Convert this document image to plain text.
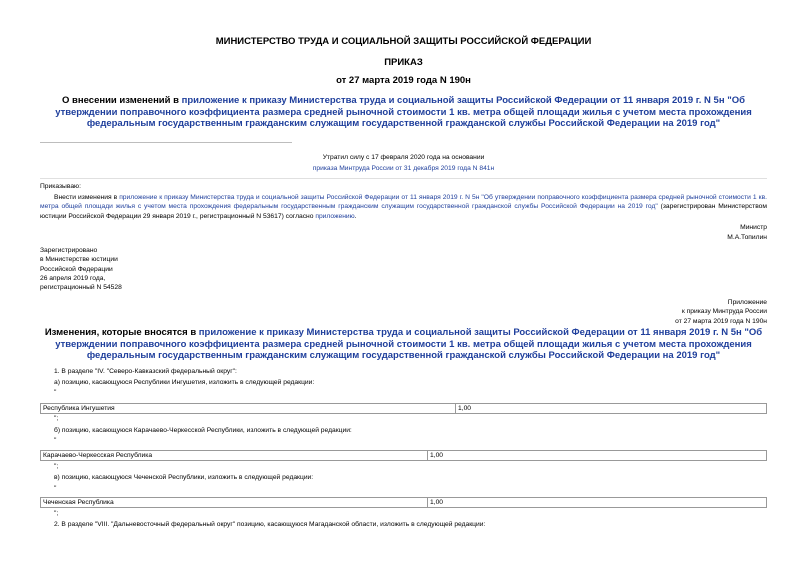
МИНИСТЕРСТВО ТРУДА И СОЦИАЛЬНОЙ ЗАЩИТЫ РОССИЙСКОЙ ФЕДЕРАЦИИ
ПРИКАЗ
от 27 марта 2019 года N 190н
О внесении изменений в приложение к приказу Министерства труда и социальной защиты Российской Федерации от 11 января 2019 г. N 5н "Об утверждении поправочного коэффициента размера средней рыночной стоимости 1 кв. метра общей площади жилья с учетом места прохождения федеральным государственным гражданским служащим государственной гражданской службы Российской Федерации на 2019 год"
Утратил силу с 17 февраля 2020 года на основании
приказа Минтруда России от 31 декабря 2019 года N 841н
Приказываю:
Внести изменения в приложение к приказу Министерства труда и социальной защиты Российской Федерации от 11 января 2019 г. N 5н "Об утверждении поправочного коэффициента размера средней рыночной стоимости 1 кв. метра общей площади жилья с учетом места прохождения федеральным государственным гражданским служащим государственной гражданской службы Российской Федерации на 2019 год" (зарегистрирован Министерством юстиции Российской Федерации 29 января 2019 г., регистрационный N 53617) согласно приложению.
Министр
М.А.Топилин
Зарегистрировано
в Министерстве юстиции
Российской Федерации
26 апреля 2019 года,
регистрационный N 54528
Приложение
к приказу Минтруда России
от 27 марта 2019 года N 190н
Изменения, которые вносятся в приложение к приказу Министерства труда и социальной защиты Российской Федерации от 11 января 2019 г. N 5н "Об утверждении поправочного коэффициента размера средней рыночной стоимости 1 кв. метра общей площади жилья с учетом места прохождения федеральным государственным гражданским служащим государственной гражданской службы Российской Федерации на 2019 год"
1. В разделе "IV. "Северо-Кавказский федеральный округ":
а) позицию, касающуюся Республики Ингушетия, изложить в следующей редакции:
"
Республика Ингушетия	1,00
";
б) позицию, касающуюся Карачаево-Черкесской Республики, изложить в следующей редакции:
"
Карачаево-Черкесская Республика	1,00
";
в) позицию, касающуюся Чеченской Республики, изложить в следующей редакции:
"
Чеченская Республика	1,00
";
2. В разделе "VIII. "Дальневосточный федеральный округ" позицию, касающуюся Магаданской области, изложить в следующей редакции:
